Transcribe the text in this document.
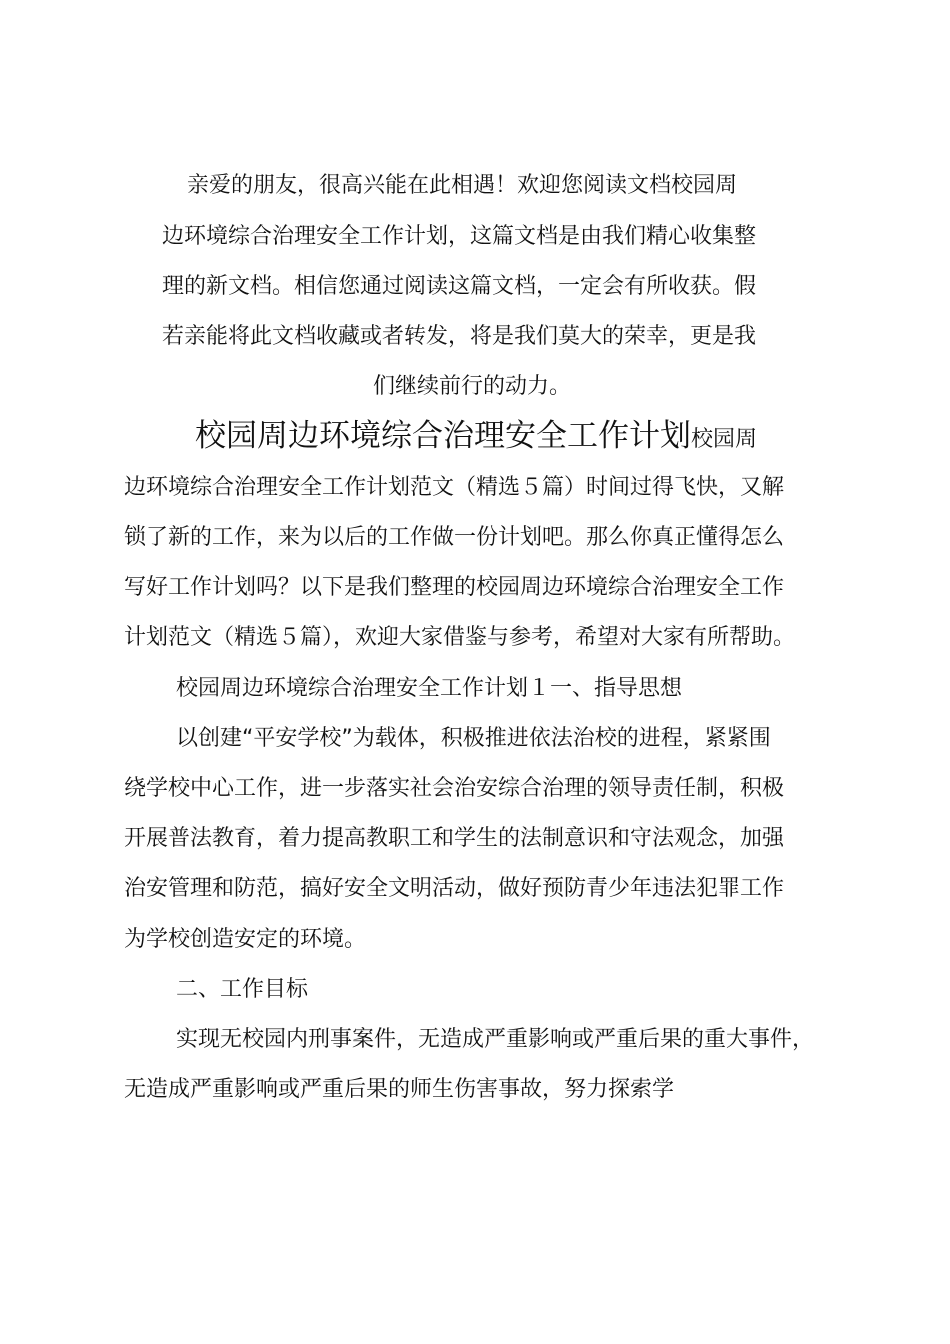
亲爱的朋友，很高兴能在此相遇！欢迎您阅读文档校园周
边环境综合治理安全工作计划，这篇文档是由我们精心收集整
理的新文档。相信您通过阅读这篇文档，一定会有所收获。假
若亲能将此文档收藏或者转发，将是我们莫大的荣幸，更是我
们继续前行的动力。
校园周边环境综合治理安全工作计划校园周
边环境综合治理安全工作计划范文（精选５篇）时间过得飞快，又解
锁了新的工作，来为以后的工作做一份计划吧。那么你真正懂得怎么
写好工作计划吗？以下是我们整理的校园周边环境综合治理安全工作
计划范文（精选５篇），欢迎大家借鉴与参考，希望对大家有所帮助。
校园周边环境综合治理安全工作计划１一、指导思想
以创建“平安学校”为载体，积极推进依法治校的进程，紧紧围
绕学校中心工作，进一步落实社会治安综合治理的领导责任制，积极
开展普法教育，着力提高教职工和学生的法制意识和守法观念，加强
治安管理和防范，搞好安全文明活动，做好预防青少年违法犯罪工作
为学校创造安定的环境。
二、工作目标
实现无校园内刑事案件，无造成严重影响或严重后果的重大事件，
无造成严重影响或严重后果的师生伤害事故，努力探索学
